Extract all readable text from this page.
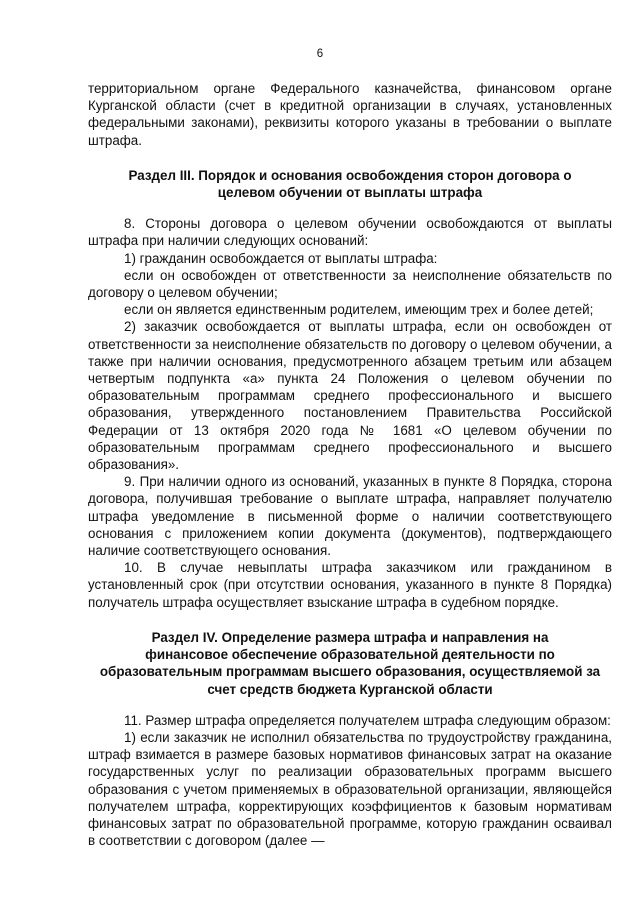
6

территориальном органе Федерального казначейства, финансовом органе Курганской области (счет в кредитной организации в случаях, установленных федеральными законами), реквизиты которого указаны в требовании о выплате штрафа.

Раздел III. Порядок и основания освобождения сторон договора о целевом обучении от выплаты штрафа

8. Стороны договора о целевом обучении освобождаются от выплаты штрафа при наличии следующих оснований:

1) гражданин освобождается от выплаты штрафа:

если он освобожден от ответственности за неисполнение обязательств по договору о целевом обучении;

если он является единственным родителем, имеющим трех и более детей;

2) заказчик освобождается от выплаты штрафа, если он освобожден от ответственности за неисполнение обязательств по договору о целевом обучении, а также при наличии основания, предусмотренного абзацем третьим или абзацем четвертым подпункта «а» пункта 24 Положения о целевом обучении по образовательным программам среднего профессионального и высшего образования, утвержденного постановлением Правительства Российской Федерации от 13 октября 2020 года № 1681 «О целевом обучении по образовательным программам среднего профессионального и высшего образования».

9. При наличии одного из оснований, указанных в пункте 8 Порядка, сторона договора, получившая требование о выплате штрафа, направляет получателю штрафа уведомление в письменной форме о наличии соответствующего основания с приложением копии документа (документов), подтверждающего наличие соответствующего основания.

10. В случае невыплаты штрафа заказчиком или гражданином в установленный срок (при отсутствии основания, указанного в пункте 8 Порядка) получатель штрафа осуществляет взыскание штрафа в судебном порядке.

Раздел IV. Определение размера штрафа и направления на
финансовое обеспечение образовательной деятельности по
образовательным программам высшего образования, осуществляемой за
счет средств бюджета Курганской области

11. Размер штрафа определяется получателем штрафа следующим образом:

1) если заказчик не исполнил обязательства по трудоустройству гражданина, штраф взимается в размере базовых нормативов финансовых затрат на оказание государственных услуг по реализации образовательных программ высшего образования с учетом применяемых в образовательной организации, являющейся получателем штрафа, корректирующих коэффициентов к базовым нормативам финансовых затрат по образовательной программе, которую гражданин осваивал в соответствии с договором (далее —
